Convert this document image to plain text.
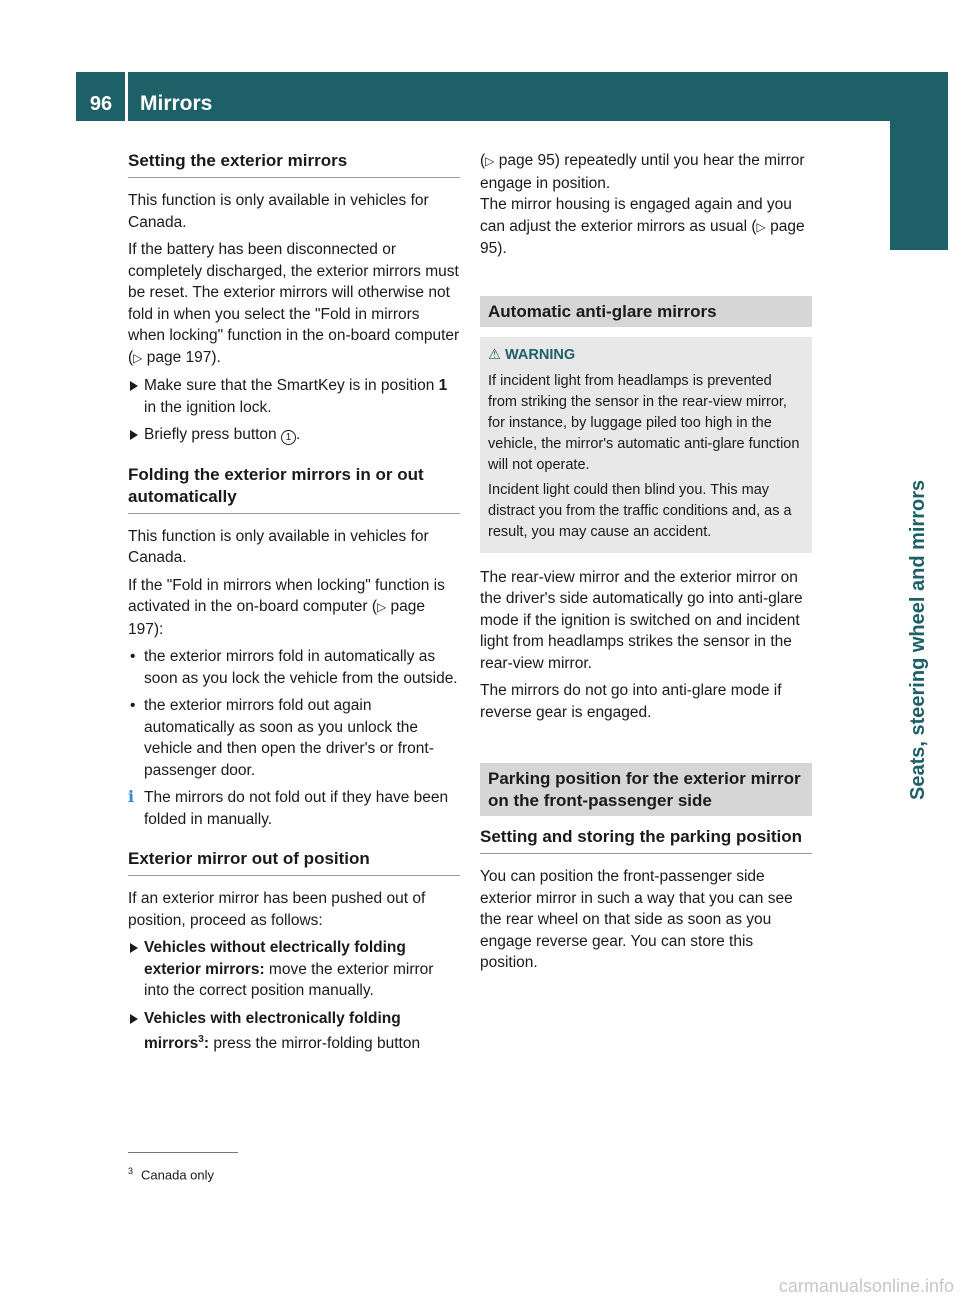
96	Mirrors
Seats, steering wheel and mirrors
Setting the exterior mirrors

This function is only available in vehicles for Canada.

If the battery has been disconnected or completely discharged, the exterior mirrors must be reset. The exterior mirrors will otherwise not fold in when you select the "Fold in mirrors when locking" function in the on-board computer (▷ page 197).

Make sure that the SmartKey is in position 1 in the ignition lock.
Briefly press button 1 .
Folding the exterior mirrors in or out automatically

This function is only available in vehicles for Canada.

If the "Fold in mirrors when locking" function is activated in the on-board computer (▷ page 197):

• the exterior mirrors fold in automatically as soon as you lock the vehicle from the outside.
• the exterior mirrors fold out again automatically as soon as you unlock the vehicle and then open the driver's or front-passenger door.
i The mirrors do not fold out if they have been folded in manually.
Exterior mirror out of position

If an exterior mirror has been pushed out of position, proceed as follows:

Vehicles without electrically folding exterior mirrors: move the exterior mirror into the correct position manually.
Vehicles with electronically folding mirrors$^3$: press the mirror-folding button

(▷ page 95) repeatedly until you hear the mirror engage in position.
The mirror housing is engaged again and you can adjust the exterior mirrors as usual (▷ page 95).

Automatic anti-glare mirrors
⚠ WARNING

If incident light from headlamps is prevented from striking the sensor in the rear-view mirror, for instance, by luggage piled too high in the vehicle, the mirror's automatic anti-glare function will not operate.

Incident light could then blind you. This may distract you from the traffic conditions and, as a result, you may cause an accident.

The rear-view mirror and the exterior mirror on the driver's side automatically go into anti-glare mode if the ignition is switched on and incident light from headlamps strikes the sensor in the rear-view mirror.

The mirrors do not go into anti-glare mode if reverse gear is engaged.

Parking position for the exterior mirror on the front-passenger side
Setting and storing the parking position

You can position the front-passenger side exterior mirror in such a way that you can see the rear wheel on that side as soon as you engage reverse gear. You can store this position.

$^3$ Canada only
carmanualsonline.info
